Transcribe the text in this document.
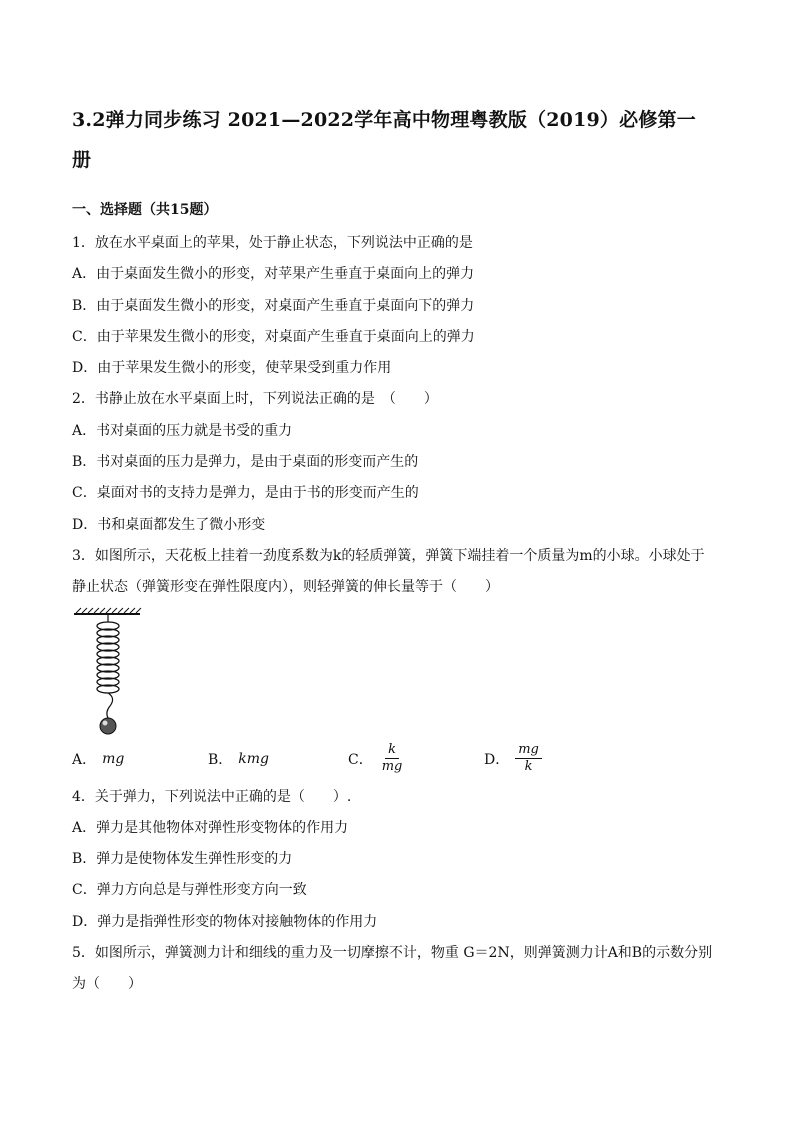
3.2弹力同步练习 2021—2022学年高中物理粤教版（2019）必修第一
册
一、选择题（共15题）
1．放在水平桌面上的苹果，处于静止状态，下列说法中正确的是
A．由于桌面发生微小的形变，对苹果产生垂直于桌面向上的弹力
B．由于桌面发生微小的形变，对桌面产生垂直于桌面向下的弹力
C．由于苹果发生微小的形变，对桌面产生垂直于桌面向上的弹力
D．由于苹果发生微小的形变，使苹果受到重力作用
2．书静止放在水平桌面上时，下列说法正确的是　（　　）
A．书对桌面的压力就是书受的重力
B．书对桌面的压力是弹力，是由于桌面的形变而产生的
C．桌面对书的支持力是弹力，是由于书的形变而产生的
D．书和桌面都发生了微小形变
3．如图所示，天花板上挂着一劲度系数为k的轻质弹簧，弹簧下端挂着一个质量为m的小球。小球处于
静止状态（弹簧形变在弹性限度内），则轻弹簧的伸长量等于（　　）
A． mg	B． kmg	C． $\frac{k}{mg}$	D． $\frac{mg}{k}$
4．关于弹力，下列说法中正确的是（　　）.
A．弹力是其他物体对弹性形变物体的作用力
B．弹力是使物体发生弹性形变的力
C．弹力方向总是与弹性形变方向一致
D．弹力是指弹性形变的物体对接触物体的作用力
5．如图所示，弹簧测力计和细线的重力及一切摩擦不计，物重 G＝2N，则弹簧测力计A和B的示数分别
为（　　）
